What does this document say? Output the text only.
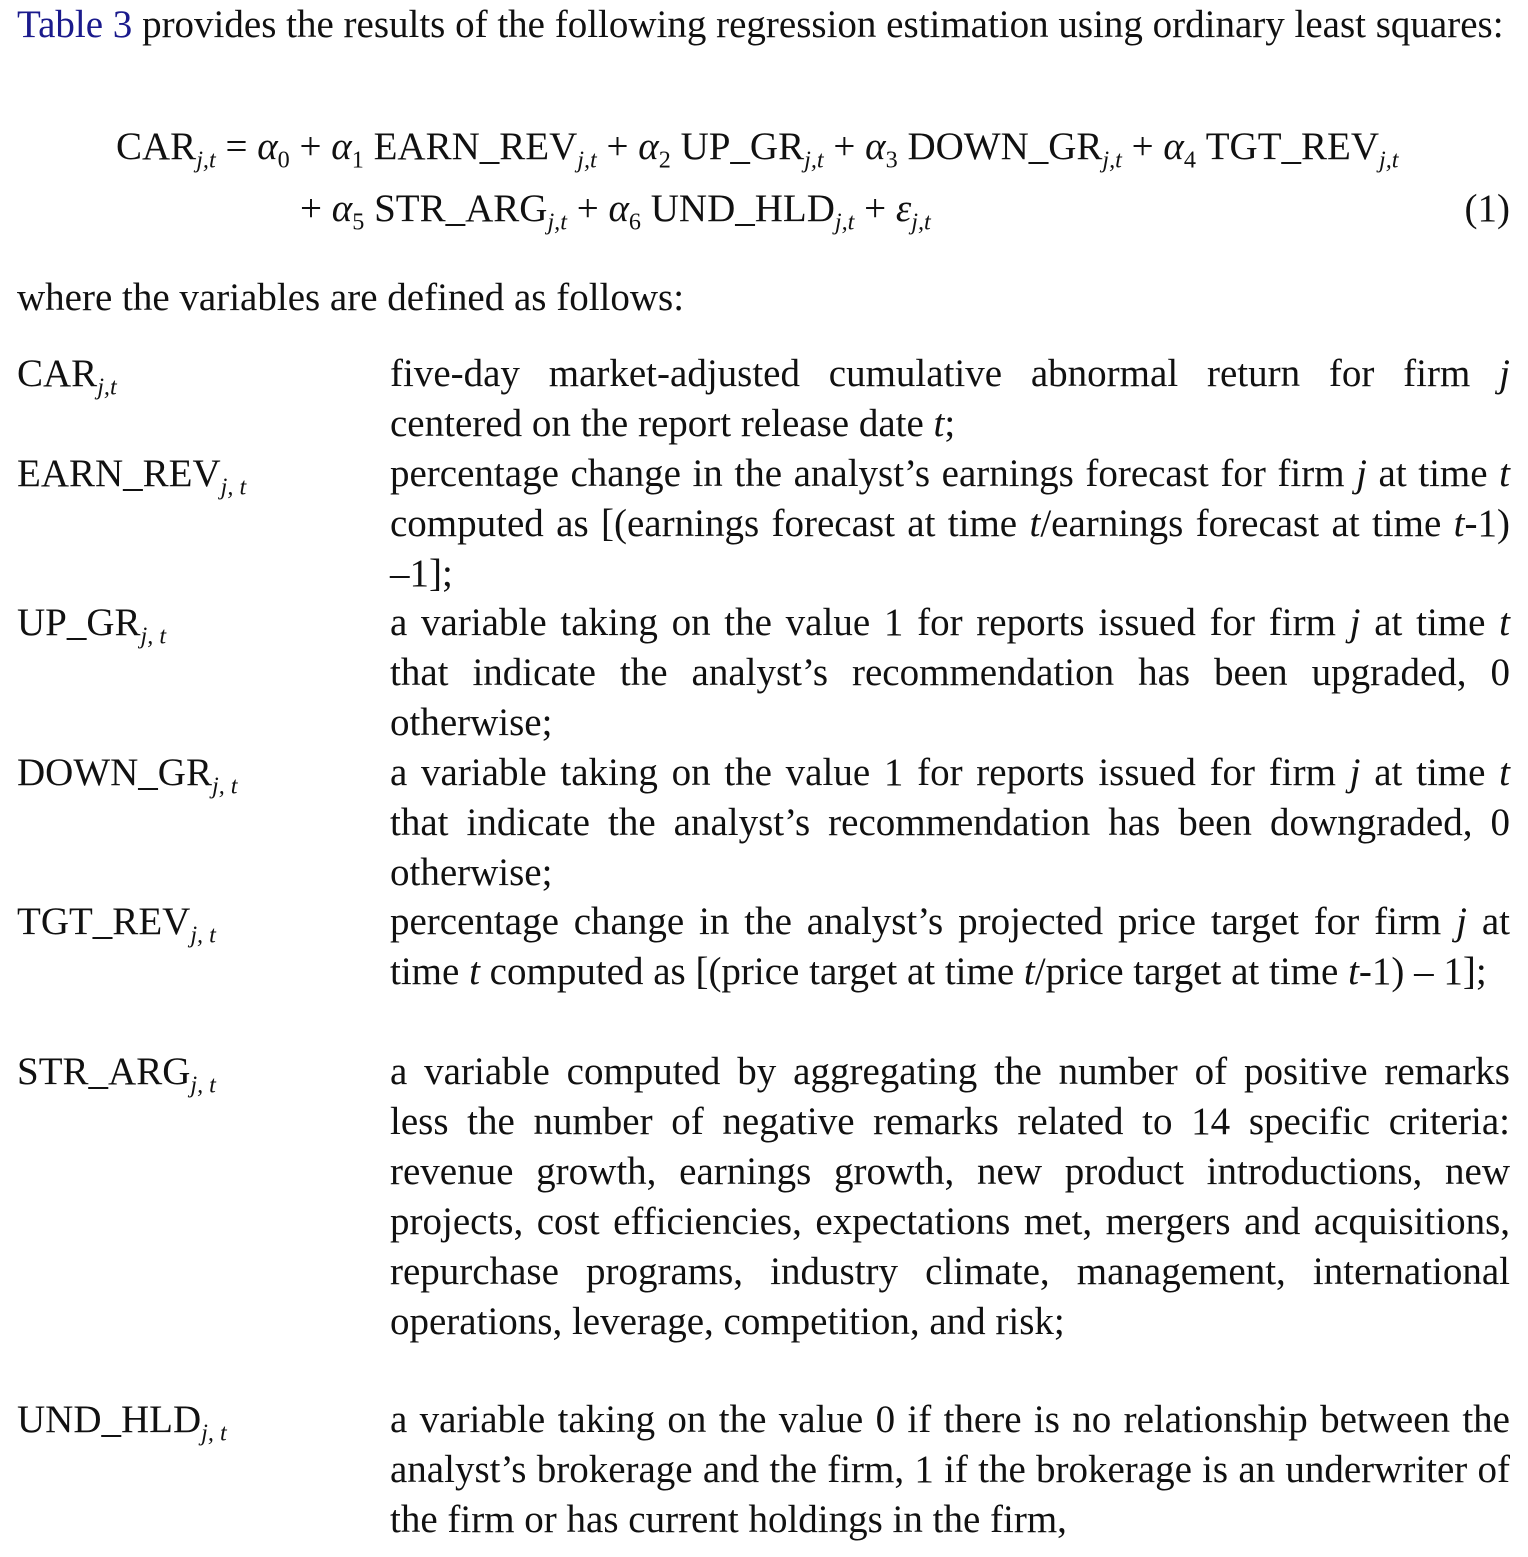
Table 3 provides the results of the following regression estimation using ordinary least squares:

$CAR_{j,t} = \alpha_0 + \alpha_1$ $EARN\_REV_{j,t} + \alpha_2$ $UP\_GR_{j,t} + \alpha_3$ $DOWN\_GR_{j,t} + \alpha_4$ $TGT\_REV_{j,t}$
+ $\alpha_5$ $STR\_ARG_{j,t} + \alpha_6$ $UND\_HLD_{j,t} + \varepsilon_{j,t}$	(1)

where the variables are defined as follows:

$CAR_{j,t}$	five-day market-adjusted cumulative abnormal return for firm j centered on the report release date t;

$EARN\_REV_{j, t}$	percentage change in the analyst’s earnings forecast for firm j at time t computed as [(earnings forecast at time t/earnings forecast at time t-1) –1];

$UP\_GR_{j, t}$	a variable taking on the value 1 for reports issued for firm j at time t that indicate the analyst’s recommendation has been upgraded, 0 otherwise;

$DOWN\_GR_{j, t}$	a variable taking on the value 1 for reports issued for firm j at time t that indicate the analyst’s recommendation has been downgraded, 0 otherwise;

$TGT\_REV_{j, t}$	percentage change in the analyst’s projected price target for firm j at time t computed as [(price target at time t/price target at time t-1) – 1];

$STR\_ARG_{j, t}$	a variable computed by aggregating the number of positive remarks less the number of negative remarks related to 14 specific criteria: revenue growth, earnings growth, new product introductions, new projects, cost efficiencies, expectations met, mergers and acquisitions, repurchase programs, industry climate, management, international operations, leverage, competition, and risk;

$UND\_HLD_{j, t}$	a variable taking on the value 0 if there is no relationship between the analyst’s brokerage and the firm, 1 if the brokerage is an underwriter of the firm or has current holdings in the firm,
